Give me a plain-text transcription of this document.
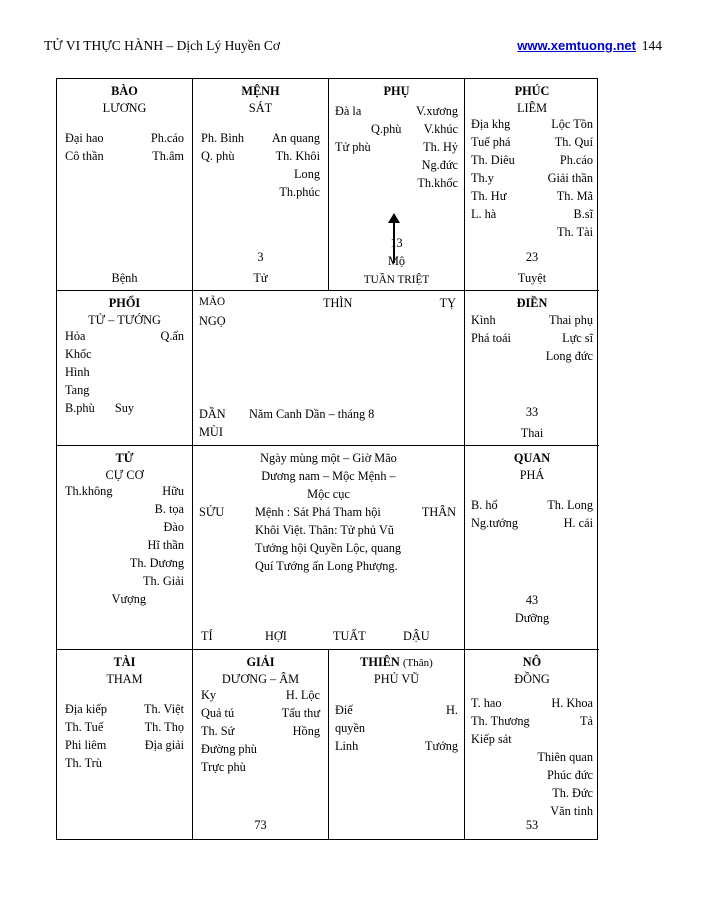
TỬ VI THỰC HÀNH – Dịch Lý Huyền Cơ	www.xemtuong.net 144
BÀO
LƯƠNG
Đại hao	Ph.cáo
Cô thần	Th.âm
Bệnh
MỆNH
SÁT
Ph. Bình An quang
Q. phù	Th. Khôi
Long
Th.phúc
3
Tử
PHỤ
Đà la	V.xương
Q.phù V.khúc
Tử phù	Th. Hỷ
Ng.đức
Th.khốc
13
Mộ
TUẦN TRIỆT
PHÚC
LIÊM
Địa khg	Lộc Tồn
Tuế phá	Th. Quí
Th. Diêu	Ph.cáo
Th.y	Giải thần
Th. Hư	Th. Mã
L. hà	B.sĩ
Th. Tài
23
Tuyệt
PHỔI
TỬ – TƯỚNG
Hỏa	Q.ấn
Khốc
Hình
Tang
B.phù	Suy
MÃO
NGỌ
THÌN	TỴ
DẦN
MÙI
Năm Canh Dần – tháng 8
ĐIỀN
Kình	Thai phụ
Phá toái	Lực sĩ
Long đức
33
Thai
TỬ
CỰ CƠ
Th.không	Hữu
B. tọa
Đào
Hĩ thần
Th. Dương
Th. Giải
Vượng
Ngày mùng một – Giờ Mão
Dương nam – Mộc Mệnh –
Mộc cục
SỬU Mệnh : Sát Phá Tham hội	THÂN
Khôi Việt. Thân: Tử phủ Vũ
Tướng hội Quyền Lộc, quang
Quí Tướng ấn Long Phượng.
TÍ	HỢI	TUẤT	DẬU
QUAN
PHÁ
B. hổ	Th. Long
Ng.tướng	H. cái
43
Dưỡng
TÀI
THAM
Địa kiếp	Th. Việt
Th. Tuế	Th. Thọ
Phi liêm	Địa giải
Th. Trù
GIẢI
DƯƠNG – ÂM
Ky	H. Lộc
Quả tú	Tấu thư
Th. Sứ	Hồng
Đường phù
Trực phù
73
THIÊN (Thân)
PHỦ VŨ
Điế	H.
quyền
Linh	Tướng
NÔ
ĐỒNG
T. hao	H. Khoa
Th. Thương	Tả
Kiếp sát
Thiên quan
Phúc đức
Th. Đức
Văn tinh
53
